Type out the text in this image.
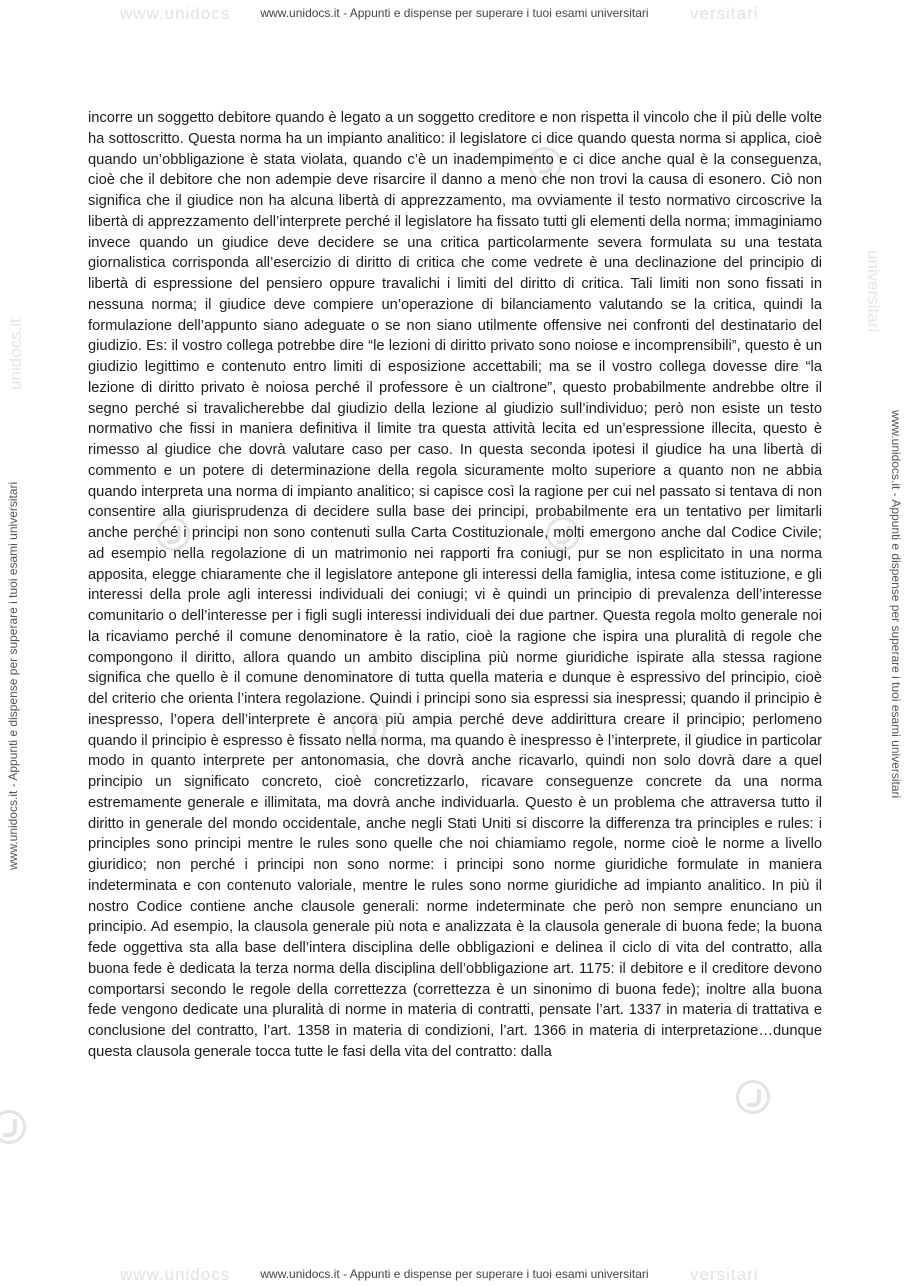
www.unidocs	versitari
www.unidocs.it - Appunti e dispense per superare i tuoi esami universitari
unidocs.it
universitari
www.unidocs.it - Appunti e dispense per superare i tuoi esami universitari	www.unidocs.it - Appunti e dispense per superare i tuoi esami universitari

incorre un soggetto debitore quando è legato a un soggetto creditore e non rispetta il vincolo che il più delle volte ha sottoscritto. Questa norma ha un impianto analitico: il legislatore ci dice quando questa norma si applica, cioè quando un’obbligazione è stata violata, quando c’è un inadempimento e ci dice anche qual è la conseguenza, cioè che il debitore che non adempie deve risarcire il danno a meno che non trovi la causa di esonero. Ciò non significa che il giudice non ha alcuna libertà di apprezzamento, ma ovviamente il testo normativo circoscrive la libertà di apprezzamento dell’interprete perché il legislatore ha fissato tutti gli elementi della norma; immaginiamo invece quando un giudice deve decidere se una critica particolarmente severa formulata su una testata giornalistica corrisponda all’esercizio di diritto di critica che come vedrete è una declinazione del principio di libertà di espressione del pensiero oppure travalichi i limiti del diritto di critica. Tali limiti non sono fissati in nessuna norma; il giudice deve compiere un’operazione di bilanciamento valutando se la critica, quindi la formulazione dell’appunto siano adeguate o se non siano utilmente offensive nei confronti del destinatario del giudizio. Es: il vostro collega potrebbe dire “le lezioni di diritto privato sono noiose e incomprensibili”, questo è un giudizio legittimo e contenuto entro limiti di esposizione accettabili; ma se il vostro collega dovesse dire “la lezione di diritto privato è noiosa perché il professore è un cialtrone”, questo probabilmente andrebbe oltre il segno perché si travalicherebbe dal giudizio della lezione al giudizio sull’individuo; però non esiste un testo normativo che fissi in maniera definitiva il limite tra questa attività lecita ed un’espressione illecita, questo è rimesso al giudice che dovrà valutare caso per caso. In questa seconda ipotesi il giudice ha una libertà di commento e un potere di determinazione della regola sicuramente molto superiore a quanto non ne abbia quando interpreta una norma di impianto analitico; si capisce così la ragione per cui nel passato si tentava di non consentire alla giurisprudenza di decidere sulla base dei principi, probabilmente era un tentativo per limitarli anche perché i principi non sono contenuti sulla Carta Costituzionale, molti emergono anche dal Codice Civile; ad esempio nella regolazione di un matrimonio nei rapporti fra coniugi, pur se non esplicitato in una norma apposita, elegge chiaramente che il legislatore antepone gli interessi della famiglia, intesa come istituzione, e gli interessi della prole agli interessi individuali dei coniugi; vi è quindi un principio di prevalenza dell’interesse comunitario o dell’interesse per i figli sugli interessi individuali dei due partner. Questa regola molto generale noi la ricaviamo perché il comune denominatore è la ratio, cioè la ragione che ispira una pluralità di regole che compongono il diritto, allora quando un ambito disciplina più norme giuridiche ispirate alla stessa ragione significa che quello è il comune denominatore di tutta quella materia e dunque è espressivo del principio, cioè del criterio che orienta l’intera regolazione. Quindi i principi sono sia espressi sia inespressi; quando il principio è inespresso, l’opera dell’interprete è ancora più ampia perché deve addirittura creare il principio; perlomeno quando il principio è espresso è fissato nella norma, ma quando è inespresso è l’interprete, il giudice in particolar modo in quanto interprete per antonomasia, che dovrà anche ricavarlo, quindi non solo dovrà dare a quel principio un significato concreto, cioè concretizzarlo, ricavare conseguenze concrete da una norma estremamente generale e illimitata, ma dovrà anche individuarla. Questo è un problema che attraversa tutto il diritto in generale del mondo occidentale, anche negli Stati Uniti si discorre la differenza tra principles e rules: i principles sono principi mentre le rules sono quelle che noi chiamiamo regole, norme cioè le norme a livello giuridico; non perché i principi non sono norme: i principi sono norme giuridiche formulate in maniera indeterminata e con contenuto valoriale, mentre le rules sono norme giuridiche ad impianto analitico. In più il nostro Codice contiene anche clausole generali: norme indeterminate che però non sempre enunciano un principio. Ad esempio, la clausola generale più nota e analizzata è la clausola generale di buona fede; la buona fede oggettiva sta alla base dell’intera disciplina delle obbligazioni e delinea il ciclo di vita del contratto, alla buona fede è dedicata la terza norma della disciplina dell’obbligazione art. 1175: il debitore e il creditore devono comportarsi secondo le regole della correttezza (correttezza è un sinonimo di buona fede); inoltre alla buona fede vengono dedicate una pluralità di norme in materia di contratti, pensate l’art. 1337 in materia di trattativa e conclusione del contratto, l’art. 1358 in materia di condizioni, l’art. 1366 in materia di interpretazione…dunque questa clausola generale tocca tutte le fasi della vita del contratto: dalla

www.unidocs	versitari
www.unidocs.it - Appunti e dispense per superare i tuoi esami universitari
